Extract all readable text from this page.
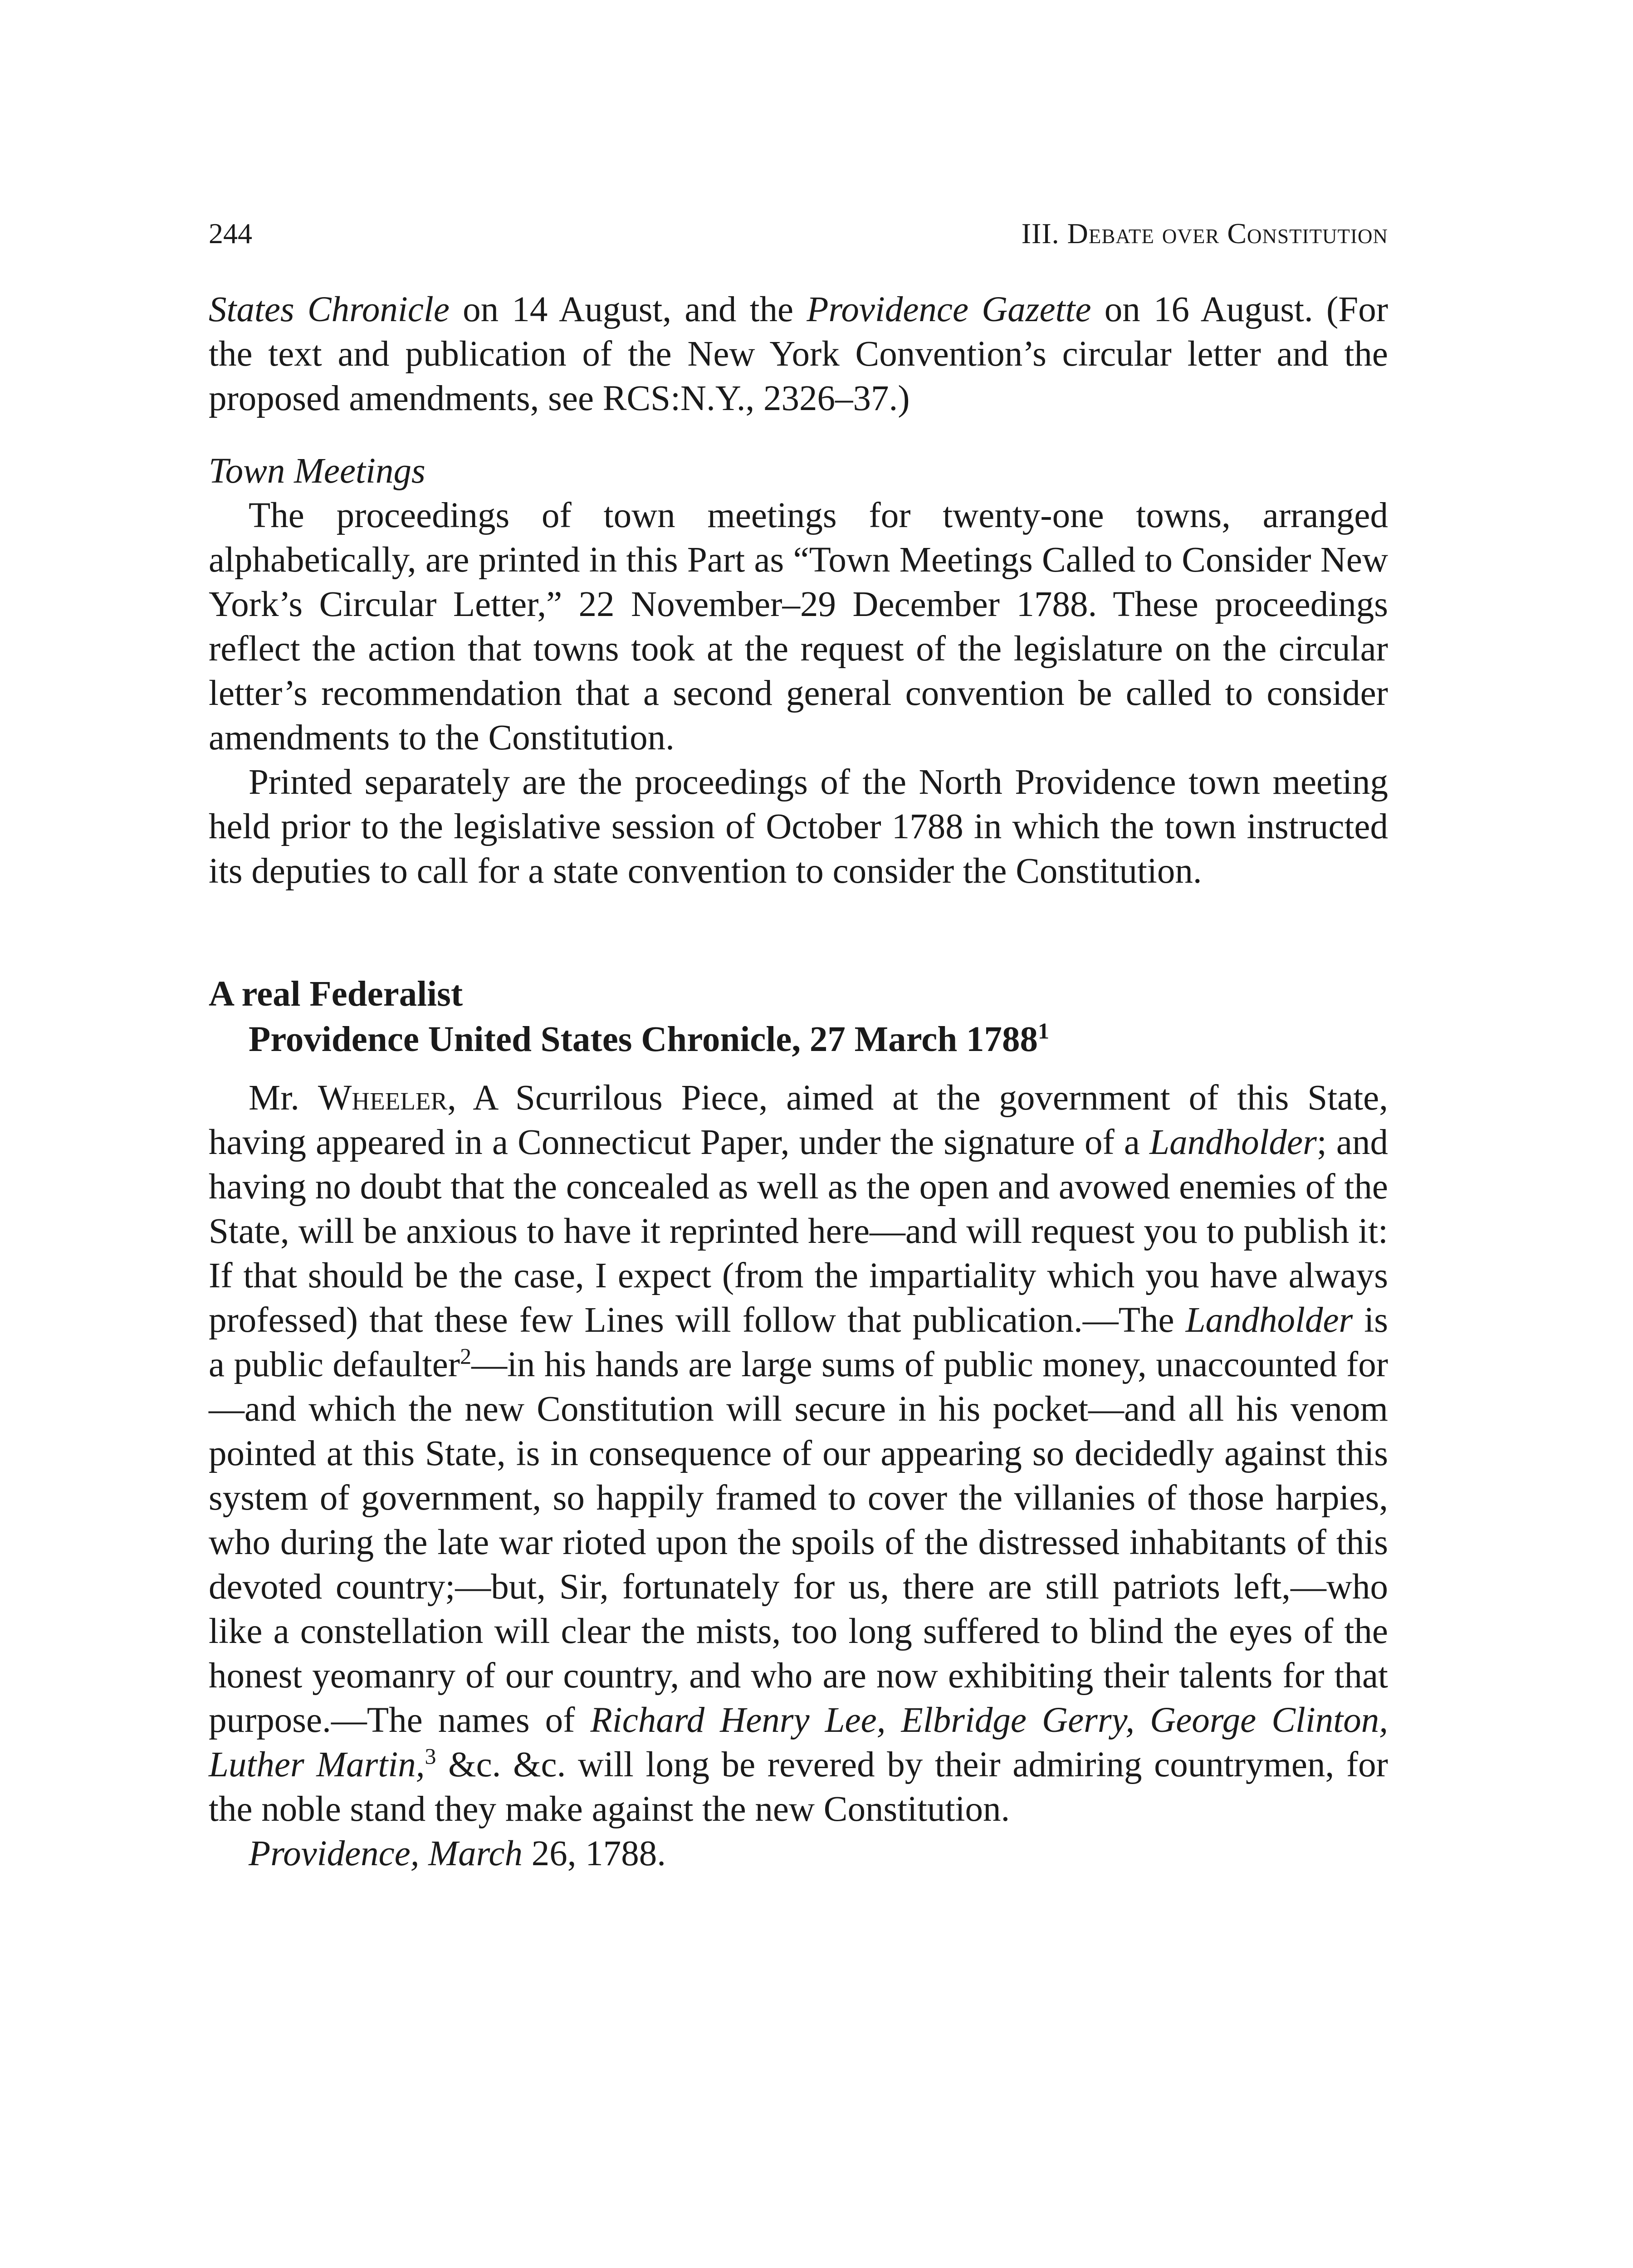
244	III. Debate over Constitution

States Chronicle on 14 August, and the Providence Gazette on 16 August. (For the text and publication of the New York Convention’s circular letter and the proposed amendments, see RCS:N.Y., 2326–37.)

Town Meetings

The proceedings of town meetings for twenty-one towns, arranged alphabetically, are printed in this Part as “Town Meetings Called to Consider New York’s Circular Letter,” 22 November–29 December 1788. These proceedings reflect the action that towns took at the request of the legislature on the circular letter’s recommendation that a second general convention be called to consider amendments to the Constitution.

Printed separately are the proceedings of the North Providence town meeting held prior to the legislative session of October 1788 in which the town instructed its deputies to call for a state convention to consider the Constitution.

A real Federalist
Providence United States Chronicle, 27 March 1788$^1$

Mr. Wheeler, A Scurrilous Piece, aimed at the government of this State, having appeared in a Connecticut Paper, under the signature of a Landholder; and having no doubt that the concealed as well as the open and avowed enemies of the State, will be anxious to have it reprinted here—and will request you to publish it: If that should be the case, I expect (from the impartiality which you have always professed) that these few Lines will follow that publication.—The Landholder is a public defaulter$^2$—in his hands are large sums of public money, unaccounted for—and which the new Constitution will secure in his pocket—and all his venom pointed at this State, is in consequence of our appearing so decidedly against this system of government, so happily framed to cover the villanies of those harpies, who during the late war rioted upon the spoils of the distressed inhabitants of this devoted country;—but, Sir, fortunately for us, there are still patriots left,—who like a constellation will clear the mists, too long suffered to blind the eyes of the honest yeomanry of our country, and who are now exhibiting their talents for that purpose.—The names of Richard Henry Lee, Elbridge Gerry, George Clinton, Luther Martin,$^3$ &c. &c. will long be revered by their admiring countrymen, for the noble stand they make against the new Constitution.

Providence, March 26, 1788.
